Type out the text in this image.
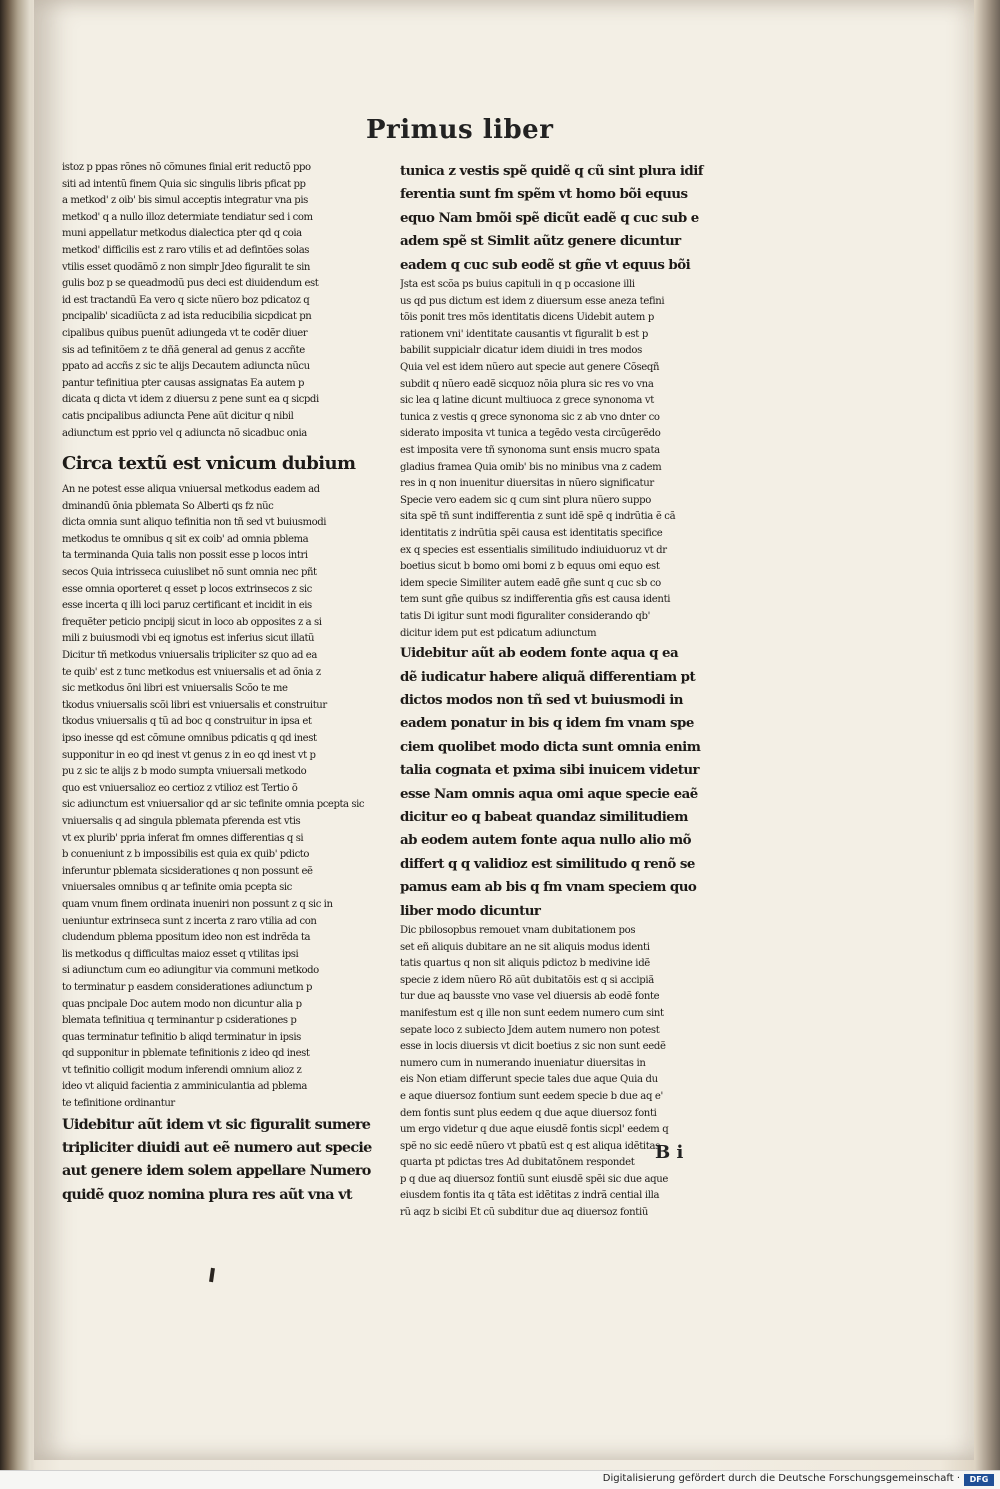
Primus liber
istoz p ppas rõnes nõ cõmunes finial erit reductõ ppo
siti ad intentũ finem Quia sic singulis libris pficat pp
a metkod' z oib' bis simul acceptis integratur vna pis
metkod' q a nullo illoz determiate tendiatur sed i com
muni appellatur metkodus dialectica pter qd q coia
metkod' difficilis est z raro vtilis et ad defintões solas
vtilis esset quodãmõ z non simplr Jdeo figuralit te sin
gulis boz p se queadmodũ pus deci est diuidendum est
id est tractandũ Ea vero q sicte nũero boz pdicatoz q
pncipalib' sicadiũcta z ad ista reducibilia sicpdicat pn
cipalibus quibus puenũt adiungeda vt te codẽr diuer
sis ad tefinitõem z te dñã general ad genus z accñte
ppato ad accñs z sic te alijs Decautem adiuncta nũcu
pantur tefinitiua pter causas assignatas Ea autem p
dicata q dicta vt idem z diuersu z pene sunt ea q sicpdi
catis pncipalibus adiuncta Pene aũt dicitur q nibil
adiunctum est pprio vel q adiuncta nõ sicadbuc onia
Circa textũ est vnicum dubium
An ne potest esse aliqua vniuersal metkodus eadem ad
dminandũ õnia pblemata So Alberti qs fz nũc
dicta omnia sunt aliquo tefinitia non tñ sed vt buiusmodi
metkodus te omnibus q sit ex coib' ad omnia pblema
ta terminanda Quia talis non possit esse p locos intri
secos Quia intrisseca cuiuslibet nõ sunt omnia nec pñt
esse omnia oporteret q esset p locos extrinsecos z sic
esse incerta q illi loci paruz certificant et incidit in eis
frequẽter peticio pncipij sicut in loco ab opposites z a si
mili z buiusmodi vbi eq ignotus est inferius sicut illatũ
Dicitur tñ metkodus vniuersalis tripliciter sz quo ad ea
te quib' est z tunc metkodus est vniuersalis et ad õnia z
sic metkodus õni libri est vniuersalis Scõo te me
tkodus vniuersalis scõi libri est vniuersalis et construitur
tkodus vniuersalis q tũ ad boc q construitur in ipsa et
ipso inesse qd est cõmune omnibus pdicatis q qd inest
supponitur in eo qd inest vt genus z in eo qd inest vt p
pu z sic te alijs z b modo sumpta vniuersali metkodo
quo est vniuersalioz eo certioz z vtilioz est Tertio õ
sic adiunctum est vniuersalior qd ar sic tefinite omnia pcepta sic
vniuersalis q ad singula pblemata pferenda est vtis
vt ex plurib' ppria inferat fm omnes differentias q si
b conueniunt z b impossibilis est quia ex quib' pdicto
inferuntur pblemata sicsiderationes q non possunt eẽ
vniuersales omnibus q ar tefinite omia pcepta sic
quam vnum finem ordinata inueniri non possunt z q sic in
ueniuntur extrinseca sunt z incerta z raro vtilia ad con
cludendum pblema ppositum ideo non est indrẽda ta
lis metkodus q difficultas maioz esset q vtilitas ipsi
si adiunctum cum eo adiungitur via communi metkodo
to terminatur p easdem considerationes adiunctum p
quas pncipale Doc autem modo non dicuntur alia p
blemata tefinitiua q terminantur p csiderationes p
quas terminatur tefinitio b aliqd terminatur in ipsis
qd supponitur in pblemate tefinitionis z ideo qd inest
vt tefinitio colligit modum inferendi omnium alioz z
ideo vt aliquid facientia z amminiculantia ad pblema
te tefinitione ordinantur
Uidebitur aũt idem vt sic figuralit sumere
tripliciter diuidi aut eẽ numero aut specie
aut genere idem solem appellare Numero
quidẽ quoz nomina plura res aũt vna vt
tunica z vestis spẽ quidẽ q cũ sint plura idif
ferentia sunt fm spẽm vt homo bõi equus
equo Nam bmõi spẽ dicũt eadẽ q cuc sub e
adem spẽ st Simlit aũtz genere dicuntur
eadem q cuc sub eodẽ st gñe vt equus bõi
Jsta est scõa ps buius capituli in q p occasione illi
us qd pus dictum est idem z diuersum esse aneza tefini
tõis ponit tres mõs identitatis dicens Uidebit autem p
rationem vni' identitate causantis vt figuralit b est p
babilit suppicialr dicatur idem diuidi in tres modos
Quia vel est idem nũero aut specie aut genere Cõseqñ
subdit q nũero eadẽ sicquoz nõia plura sic res vo vna
sic lea q latine dicunt multiuoca z grece synonoma vt
tunica z vestis q grece synonoma sic z ab vno dnter co
siderato imposita vt tunica a tegẽdo vesta circũgerẽdo
est imposita vere tñ synonoma sunt ensis mucro spata
gladius framea Quia omib' bis no minibus vna z cadem
res in q non inuenitur diuersitas in nũero significatur
Specie vero eadem sic q cum sint plura nũero suppo
sita spẽ tñ sunt indifferentia z sunt idẽ spẽ q indrũtia ẽ cã
identitatis z indrũtia spẽi causa est identitatis specifice
ex q species est essentialis similitudo indiuiduoruz vt dr
boetius sicut b bomo omi bomi z b equus omi equo est
idem specie Similiter autem eadẽ gñe sunt q cuc sb co
tem sunt gñe quibus sz indifferentia gñs est causa identi
tatis Di igitur sunt modi figuraliter considerando qb'
dicitur idem put est pdicatum adiunctum
Uidebitur aũt ab eodem fonte aqua q ea
dẽ iudicatur habere aliquã differentiam pt
dictos modos non tñ sed vt buiusmodi in
eadem ponatur in bis q idem fm vnam spe
ciem quolibet modo dicta sunt omnia enim
talia cognata et pxima sibi inuicem videtur
esse Nam omnis aqua omi aque specie eaẽ
dicitur eo q babeat quandaz similitudiem
ab eodem autem fonte aqua nullo alio mõ
differt q q validioz est similitudo q renõ se
pamus eam ab bis q fm vnam speciem quo
liber modo dicuntur
Dic pbilosopbus remouet vnam dubitationem pos
set eñ aliquis dubitare an ne sit aliquis modus identi
tatis quartus q non sit aliquis pdictoz b medivine idẽ
specie z idem nũero Rõ aũt dubitatõis est q si accipiã
tur due aq bausste vno vase vel diuersis ab eodẽ fonte
manifestum est q ille non sunt eedem numero cum sint
sepate loco z subiecto Jdem autem numero non potest
esse in locis diuersis vt dicit boetius z sic non sunt eedẽ
numero cum in numerando inueniatur diuersitas in
eis Non etiam differunt specie tales due aque Quia du
e aque diuersoz fontium sunt eedem specie b due aq e'
dem fontis sunt plus eedem q due aque diuersoz fonti
um ergo videtur q due aque eiusdẽ fontis sicpl' eedem q
spẽ no sic eedẽ nũero vt pbatũ est q est aliqua idẽtitas
quarta pt pdictas tres Ad dubitatõnem respondet
p q due aq diuersoz fontiũ sunt eiusdẽ spẽi sic due aque
eiusdem fontis ita q tãta est idẽtitas z indrã cential illa
rũ aqz b sicibi Et cũ subditur due aq diuersoz fontiũ
B i
Digitalisierung gefördert durch die Deutsche Forschungsgemeinschaft ·	DFG
